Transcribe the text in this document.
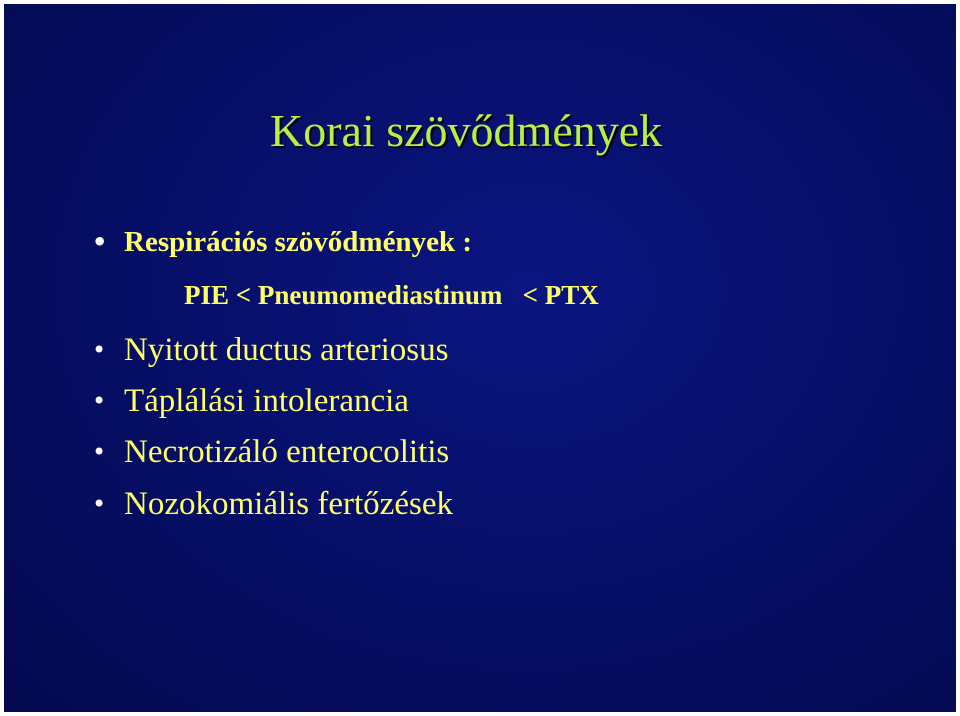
Korai szövődmények
• Respirációs szövődmények :
PIE < Pneumomediastinum   < PTX
• Nyitott ductus arteriosus
• Táplálási intolerancia
• Necrotizáló enterocolitis
• Nozokomiális fertőzések
